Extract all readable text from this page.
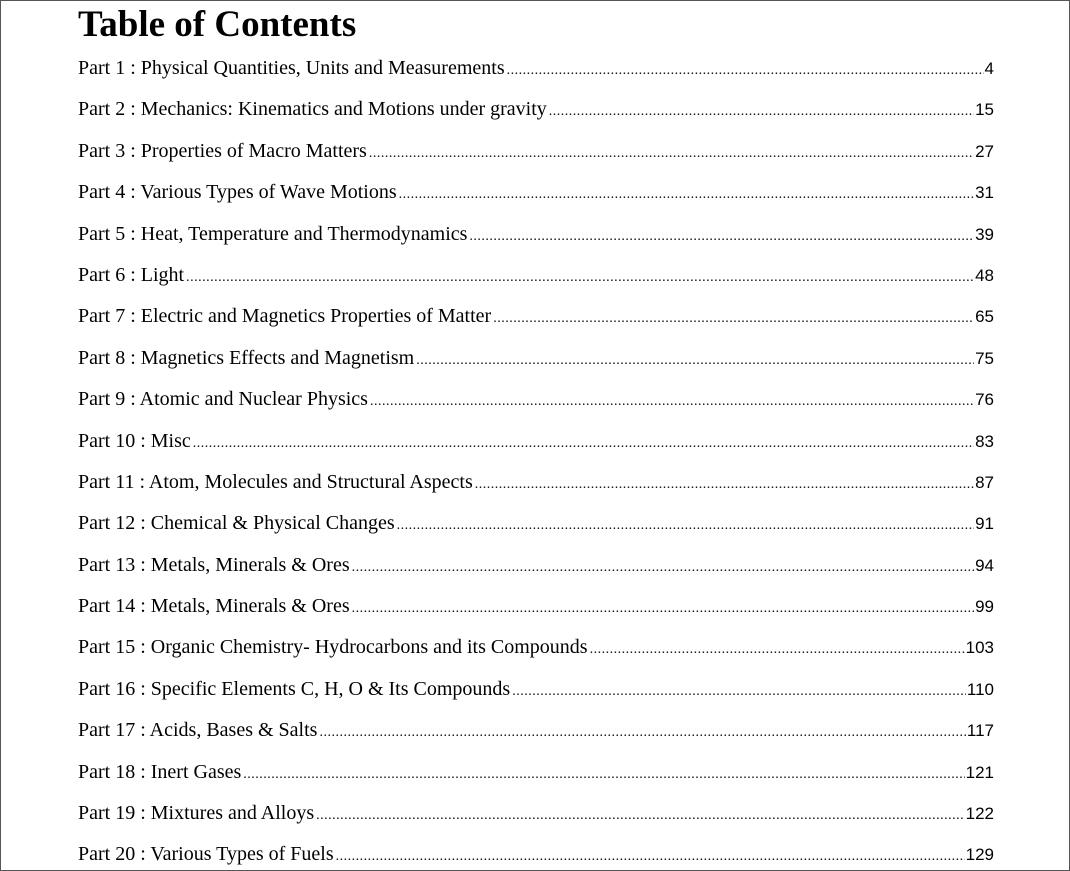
Table of Contents
Part 1 : Physical Quantities, Units and Measurements .....	4
Part 2 : Mechanics: Kinematics and Motions under gravity .....	15
Part 3 : Properties of Macro Matters .....	27
Part 4 : Various Types of Wave Motions .....	31
Part 5 : Heat, Temperature and Thermodynamics .....	39
Part 6 : Light .....	48
Part 7 : Electric and Magnetics Properties of Matter .....	65
Part 8 : Magnetics Effects and Magnetism .....	75
Part 9 : Atomic and Nuclear Physics .....	76
Part 10 : Misc .....	83
Part 11 : Atom, Molecules and Structural Aspects .....	87
Part 12 : Chemical & Physical Changes .....	91
Part 13 : Metals, Minerals & Ores .....	94
Part 14 : Metals, Minerals & Ores .....	99
Part 15 : Organic Chemistry- Hydrocarbons and its Compounds .....	103
Part 16 : Specific Elements C, H, O & Its Compounds .....	110
Part 17 : Acids, Bases & Salts .....	117
Part 18 : Inert Gases .....	121
Part 19 : Mixtures and Alloys .....	122
Part 20 : Various Types of Fuels .....	129
